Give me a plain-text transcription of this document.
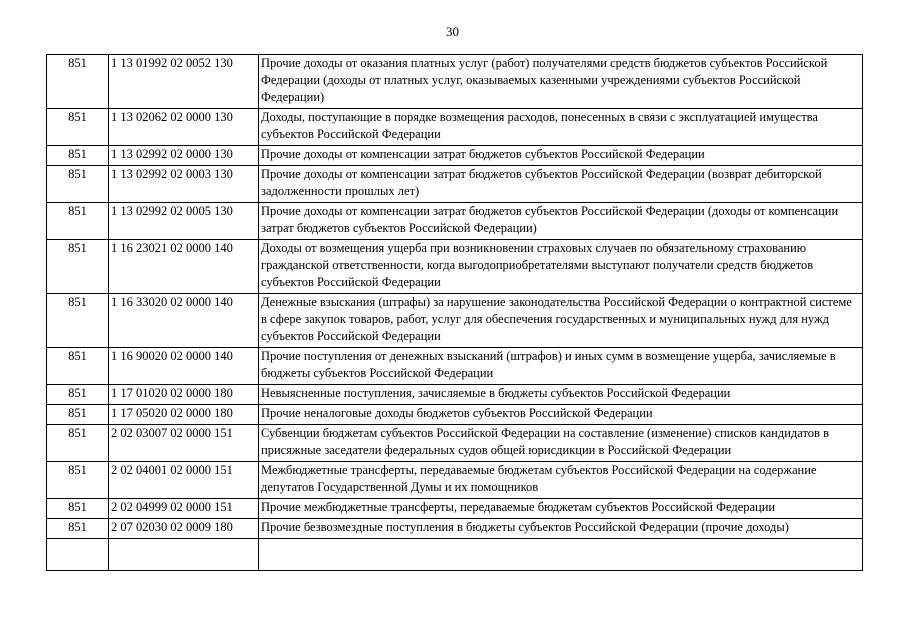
30
851	1 13 01992 02 0052 130	Прочие доходы от оказания платных услуг (работ) получателями средств бюджетов субъектов Российской Федерации (доходы от платных услуг, оказываемых казенными учреждениями субъектов Российской Федерации)
851	1 13 02062 02 0000 130	Доходы, поступающие в порядке возмещения расходов, понесенных в связи с эксплуатацией имущества субъектов Российской Федерации
851	1 13 02992 02 0000 130	Прочие доходы от компенсации затрат бюджетов субъектов Российской Федерации
851	1 13 02992 02 0003 130	Прочие доходы от компенсации затрат бюджетов субъектов Российской Федерации (возврат дебиторской задолженности прошлых лет)
851	1 13 02992 02 0005 130	Прочие доходы от компенсации затрат бюджетов субъектов Российской Федерации (доходы от компенсации затрат бюджетов субъектов Российской Федерации)
851	1 16 23021 02 0000 140	Доходы от возмещения ущерба при возникновении страховых случаев по обязательному страхованию гражданской ответственности, когда выгодоприобретателями выступают получатели средств бюджетов субъектов Российской Федерации
851	1 16 33020 02 0000 140	Денежные взыскания (штрафы) за нарушение законодательства Российской Федерации о контрактной системе в сфере закупок товаров, работ, услуг для обеспечения государственных и муниципальных нужд для нужд субъектов Российской Федерации
851	1 16 90020 02 0000 140	Прочие поступления от денежных взысканий (штрафов) и иных сумм в возмещение ущерба, зачисляемые в бюджеты субъектов Российской Федерации
851	1 17 01020 02 0000 180	Невыясненные поступления, зачисляемые в бюджеты субъектов Российской Федерации
851	1 17 05020 02 0000 180	Прочие неналоговые доходы бюджетов субъектов Российской Федерации
851	2 02 03007 02 0000 151	Субвенции бюджетам субъектов Российской Федерации на составление (изменение) списков кандидатов в присяжные заседатели федеральных судов общей юрисдикции в Российской Федерации
851	2 02 04001 02 0000 151	Межбюджетные трансферты, передаваемые бюджетам субъектов Российской Федерации на содержание депутатов Государственной Думы и их помощников
851	2 02 04999 02 0000 151	Прочие межбюджетные трансферты, передаваемые бюджетам субъектов Российской Федерации
851	2 07 02030 02 0009 180	Прочие безвозмездные поступления в бюджеты субъектов Российской Федерации (прочие доходы)
